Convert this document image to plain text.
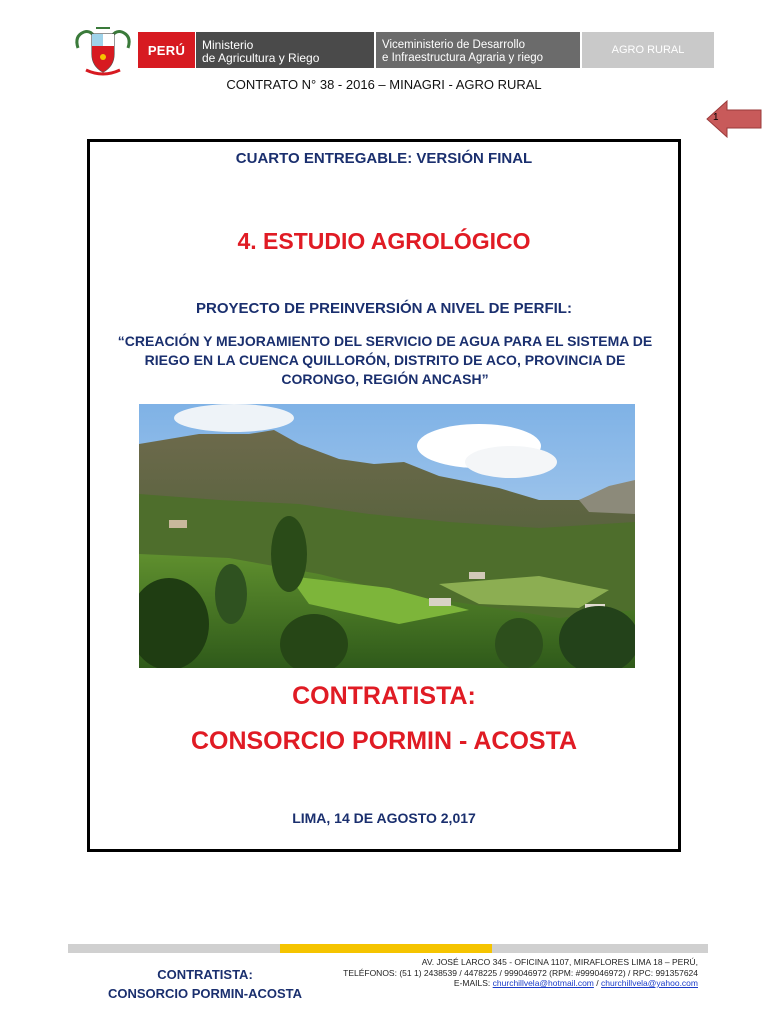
PERÚ	Ministerio
de Agricultura y Riego
Viceministerio de Desarrollo
e Infraestructura Agraria y riego
AGRO RURAL
CONTRATO N° 38 - 2016 – MINAGRI - AGRO RURAL
1
CUARTO ENTREGABLE: VERSIÓN FINAL
4. ESTUDIO AGROLÓGICO
PROYECTO DE PREINVERSIÓN A NIVEL DE PERFIL:
“CREACIÓN Y MEJORAMIENTO DEL SERVICIO DE AGUA PARA EL SISTEMA DE RIEGO EN LA CUENCA QUILLORÓN, DISTRITO DE ACO, PROVINCIA DE CORONGO, REGIÓN ANCASH”
CONTRATISTA:
CONSORCIO PORMIN - ACOSTA
LIMA, 14 DE AGOSTO 2,017
CONTRATISTA:
CONSORCIO PORMIN-ACOSTA
AV. JOSÉ LARCO 345 - OFICINA 1107, MIRAFLORES LIMA 18 – PERÚ,
TELÉFONOS: (51 1) 2438539 / 4478225 / 999046972 (RPM: #999046972) / RPC: 991357624
E-MAILS: churchillvela@hotmail.com / churchillvela@yahoo.com
